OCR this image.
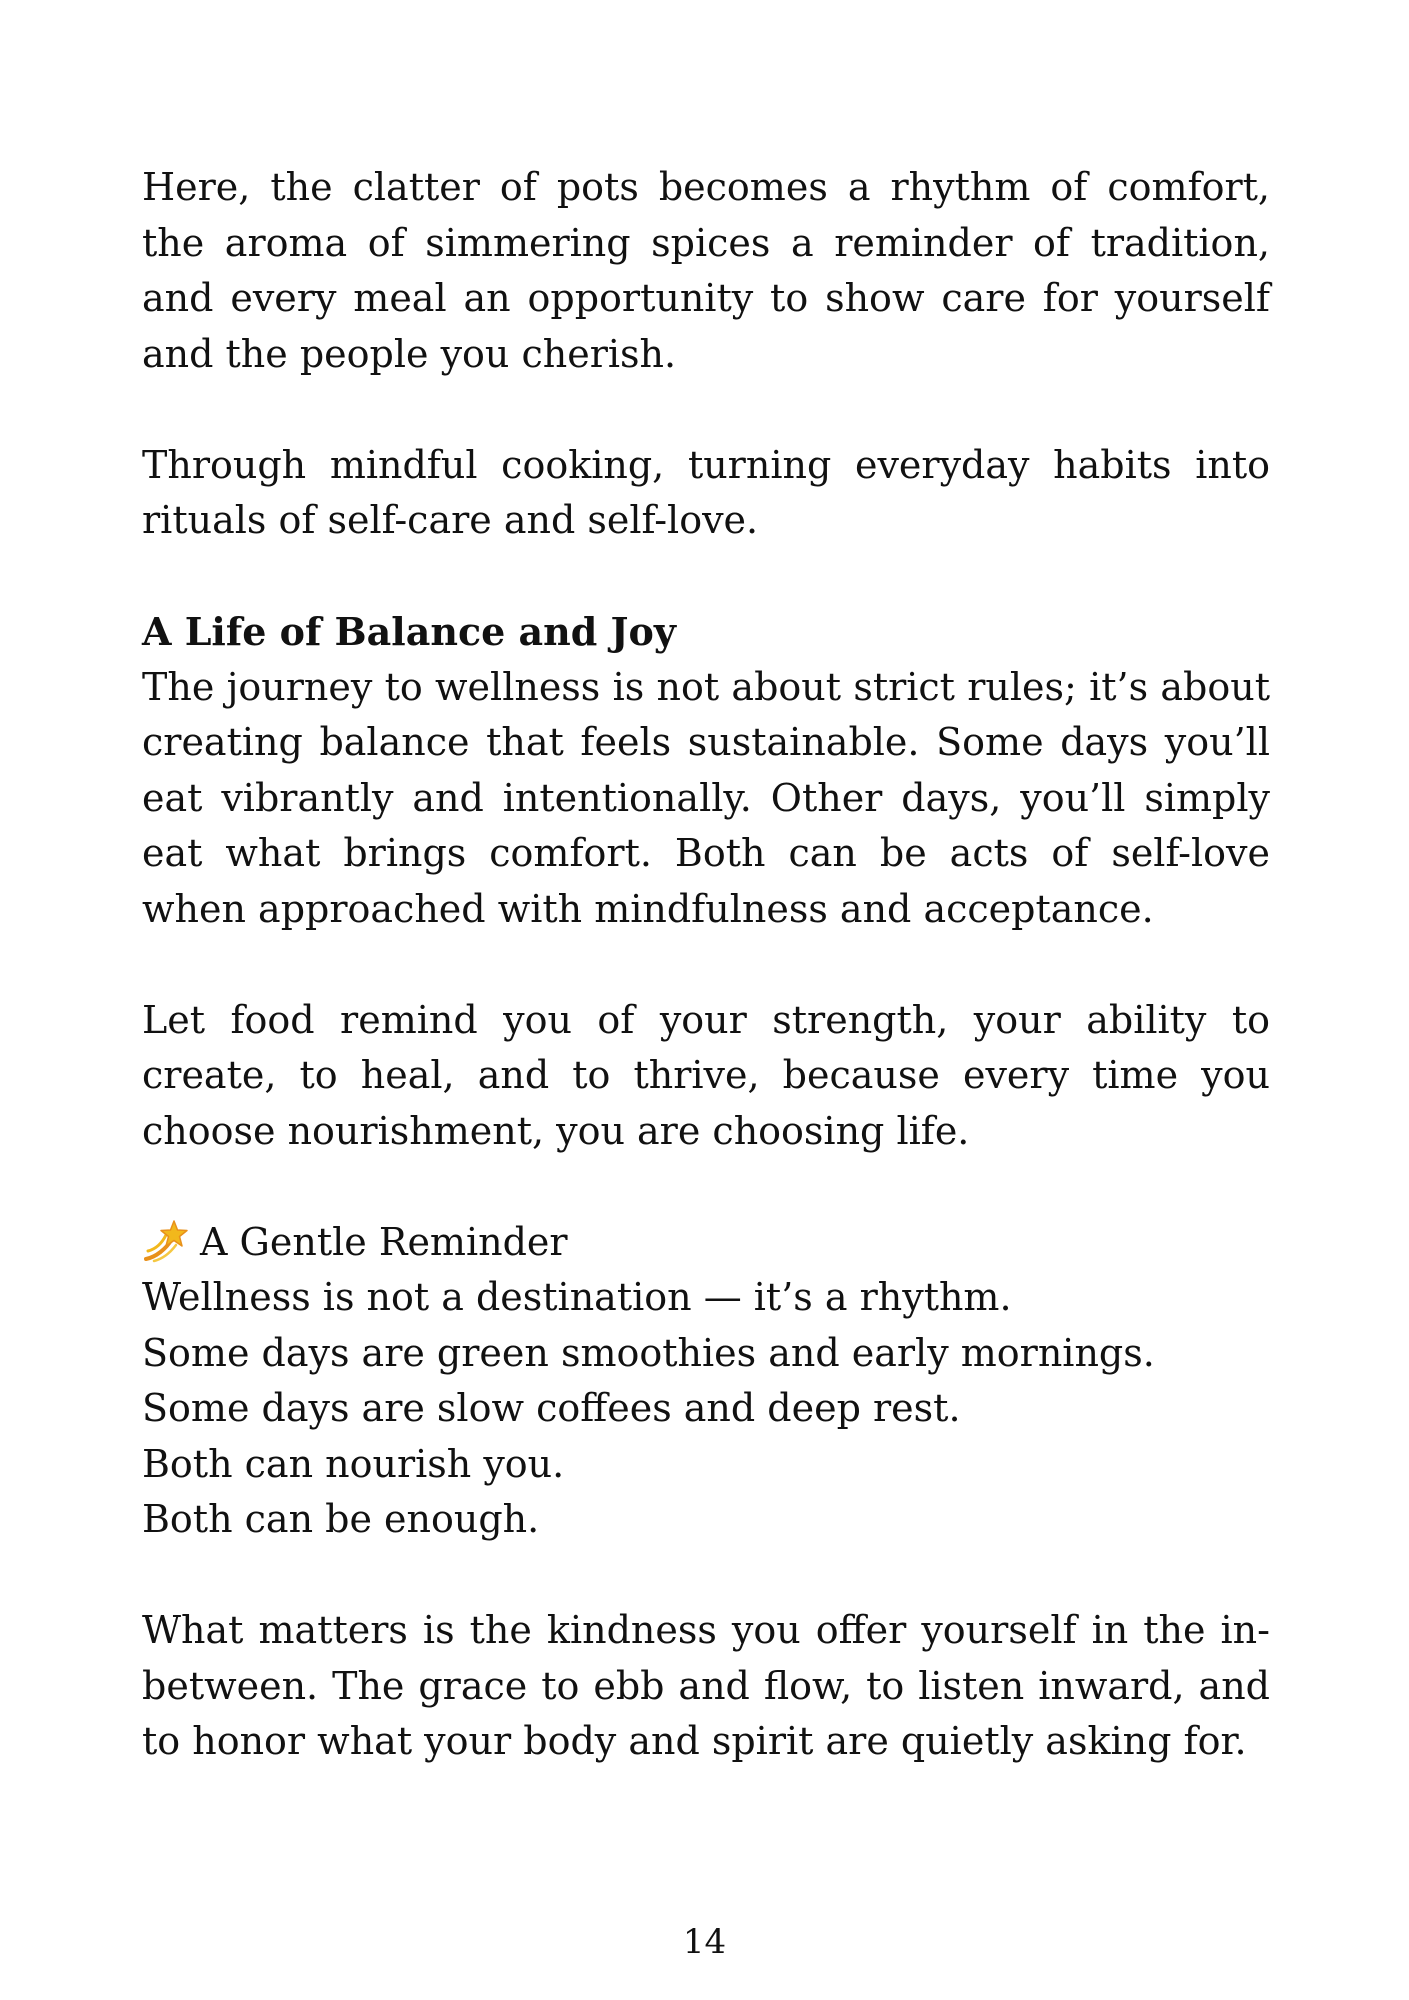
Here, the clatter of pots becomes a rhythm of comfort, the aroma of simmering spices a reminder of tradition, and every meal an opportunity to show care for yourself and the people you cherish.

Through mindful cooking, turning everyday habits into rituals of self-care and self-love.

A Life of Balance and Joy

The journey to wellness is not about strict rules; it’s about creating balance that feels sustainable. Some days you’ll eat vibrantly and intentionally. Other days, you’ll simply eat what brings comfort. Both can be acts of self-love when approached with mindfulness and acceptance.

Let food remind you of your strength, your ability to create, to heal, and to thrive, because every time you choose nourishment, you are choosing life.

A Gentle Reminder

Wellness is not a destination — it’s a rhythm.

Some days are green smoothies and early mornings.

Some days are slow coffees and deep rest.

Both can nourish you.

Both can be enough.

What matters is the kindness you offer yourself in the in-between. The grace to ebb and flow, to listen inward, and to honor what your body and spirit are quietly asking for.

14
